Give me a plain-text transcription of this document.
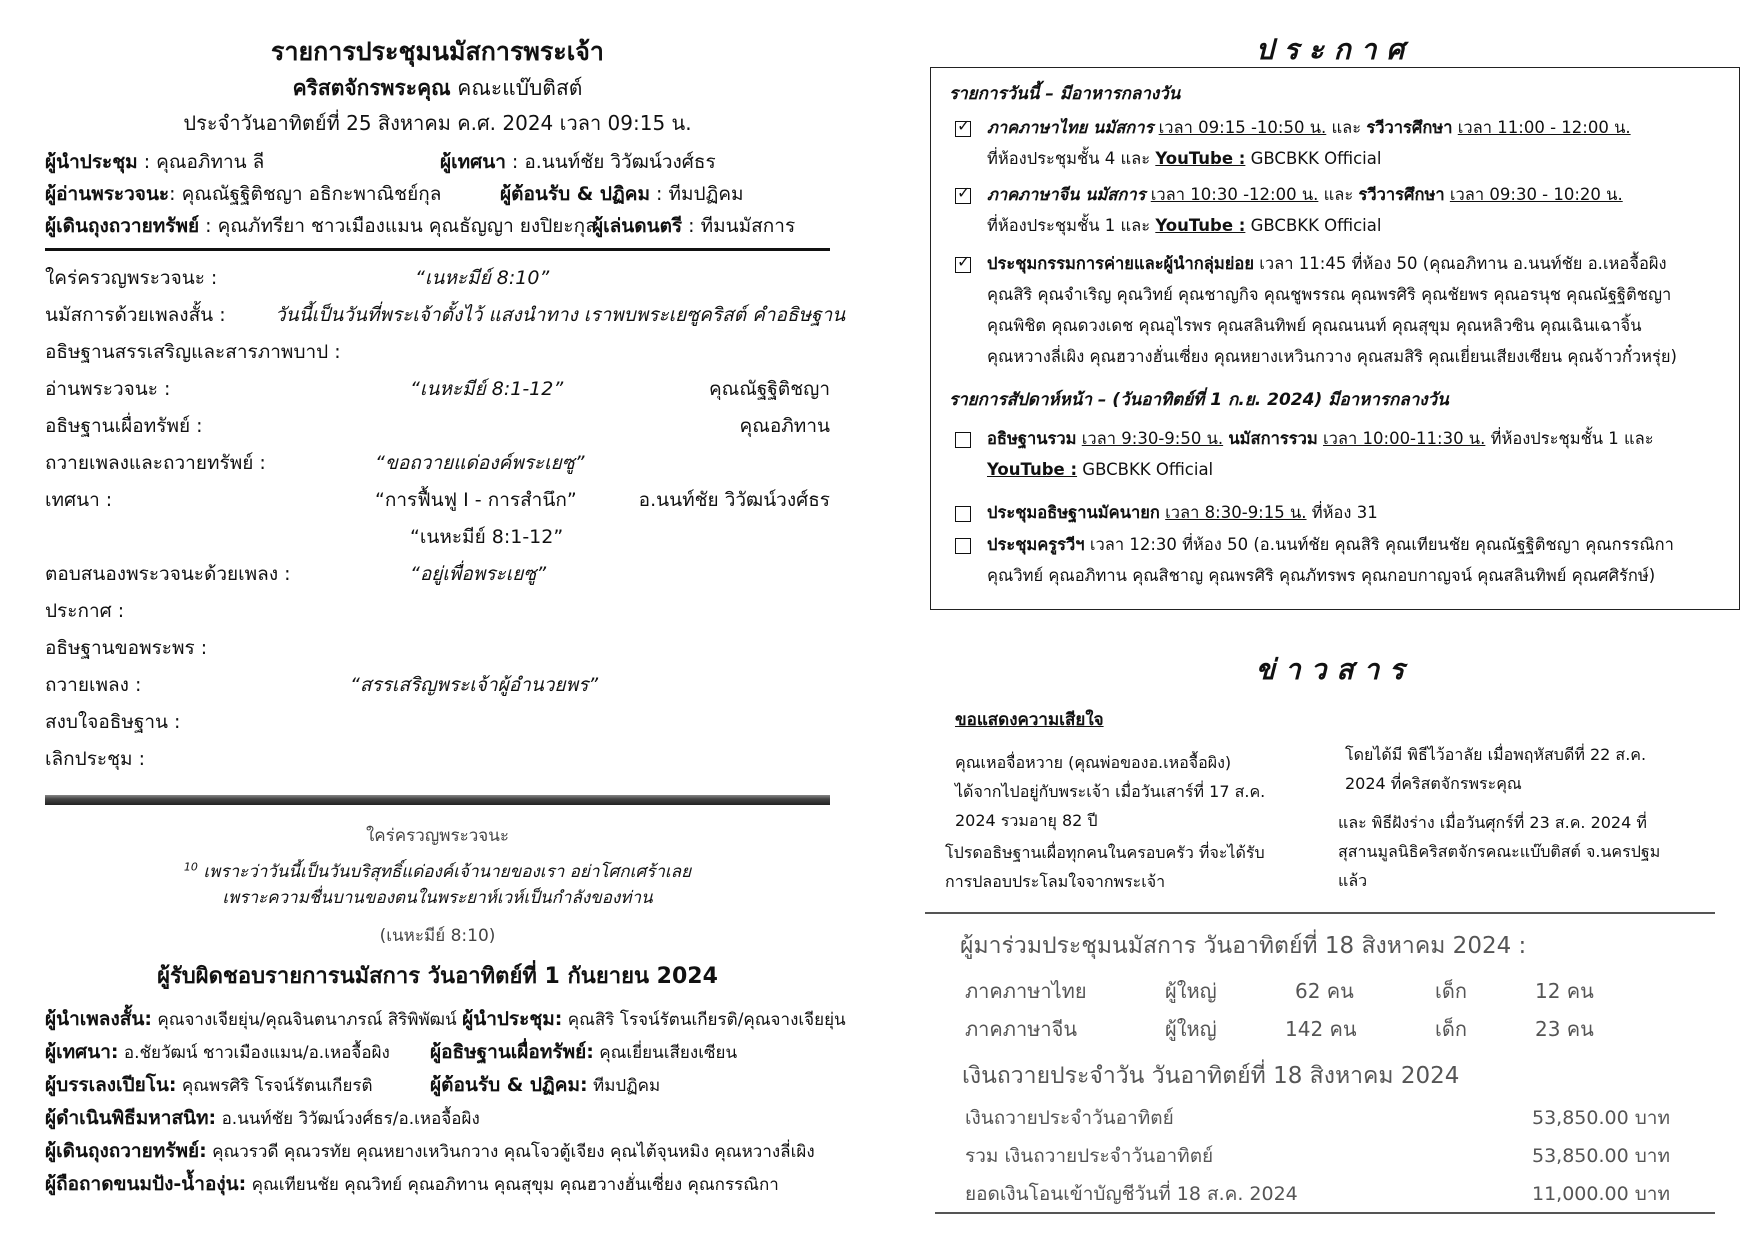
รายการประชุมนมัสการพระเจ้า
คริสตจักรพระคุณ คณะแบ๊บติสต์
ประจำวันอาทิตย์ที่ 25 สิงหาคม ค.ศ. 2024 เวลา 09:15 น.
ผู้นำประชุม : คุณอภิทาน ลี	ผู้เทศนา : อ.นนท์ชัย วิวัฒน์วงศ์ธร
ผู้อ่านพระวจนะ: คุณณัฐฐิติชญา อธิกะพาณิชย์กุล	ผู้ต้อนรับ & ปฏิคม : ทีมปฏิคม
ผู้เดินถุงถวายทรัพย์ : คุณภัทรียา ชาวเมืองแมน คุณธัญญา ยงปิยะกุล
ผู้เล่นดนตรี : ทีมนมัสการ
ใคร่ครวญพระวจนะ :	“เนหะมีย์ 8:10”
นมัสการด้วยเพลงสั้น :	วันนี้เป็นวันที่พระเจ้าตั้งไว้ แสงนำทาง เราพบพระเยซูคริสต์ คำอธิษฐาน
อธิษฐานสรรเสริญและสารภาพบาป :
อ่านพระวจนะ :	“เนหะมีย์ 8:1-12”	คุณณัฐฐิติชญา
อธิษฐานเผื่อทรัพย์ :	คุณอภิทาน
ถวายเพลงและถวายทรัพย์ :	“ขอถวายแด่องค์พระเยซู”
เทศนา :	“การฟื้นฟู I - การสำนึก”	อ.นนท์ชัย วิวัฒน์วงศ์ธร
“เนหะมีย์ 8:1-12”
ตอบสนองพระวจนะด้วยเพลง :	“อยู่เพื่อพระเยซู”
ประกาศ :
อธิษฐานขอพระพร :
ถวายเพลง :	“สรรเสริญพระเจ้าผู้อำนวยพร”
สงบใจอธิษฐาน :
เลิกประชุม :
ใคร่ครวญพระวจนะ
$^{10}$ เพราะว่าวันนี้เป็นวันบริสุทธิ์แด่องค์เจ้านายของเรา อย่าโศกเศร้าเลย
เพราะความชื่นบานของตนในพระยาห์เวห์เป็นกำลังของท่าน
(เนหะมีย์ 8:10)
ผู้รับผิดชอบรายการนมัสการ วันอาทิตย์ที่ 1 กันยายน 2024
ผู้นำเพลงสั้น: คุณจางเจียยุ่น/คุณจินตนาภรณ์ สิริพิพัฒน์ ผู้นำประชุม: คุณสิริ โรจน์รัตนเกียรติ/คุณจางเจียยุ่น
ผู้เทศนา: อ.ชัยวัฒน์ ชาวเมืองแมน/อ.เหอจื้อผิง ผู้อธิษฐานเผื่อทรัพย์: คุณเยี่ยนเสียงเซียน
ผู้บรรเลงเปียโน: คุณพรศิริ โรจน์รัตนเกียรติ	ผู้ต้อนรับ & ปฏิคม: ทีมปฏิคม
ผู้ดำเนินพิธีมหาสนิท: อ.นนท์ชัย วิวัฒน์วงศ์ธร/อ.เหอจื้อผิง
ผู้เดินถุงถวายทรัพย์: คุณวรวดี คุณวรทัย คุณหยางเหวินกวาง คุณโจวตู้เจียง คุณไต้จุนหมิง คุณหวางลี่เผิง
ผู้ถือถาดขนมปัง-น้ำองุ่น: คุณเทียนชัย คุณวิทย์ คุณอภิทาน คุณสุขุม คุณฮวางฮั่นเซี่ยง คุณกรรณิกา
ประกาศ
รายการวันนี้ – มีอาหารกลางวัน
✓
ภาคภาษาไทย นมัสการ เวลา 09:15 -10:50 น. และ รวีวารศึกษา เวลา 11:00 - 12:00 น.
ที่ห้องประชุมชั้น 4 และ YouTube : GBCBKK Official
✓
ภาคภาษาจีน นมัสการ เวลา 10:30 -12:00 น. และ รวีวารศึกษา เวลา 09:30 - 10:20 น.
ที่ห้องประชุมชั้น 1 และ YouTube : GBCBKK Official
✓
ประชุมกรรมการค่ายและผู้นำกลุ่มย่อย เวลา 11:45 ที่ห้อง 50 (คุณอภิทาน อ.นนท์ชัย อ.เหอจื้อผิง
คุณสิริ คุณจำเริญ คุณวิทย์ คุณชาญกิจ คุณชูพรรณ คุณพรศิริ คุณชัยพร คุณอรนุช คุณณัฐฐิติชญา
คุณพิชิต คุณดวงเดช คุณอุไรพร คุณสลินทิพย์ คุณณนนท์ คุณสุขุม คุณหลิวซิน คุณเฉินเฉาจิ้น
คุณหวางลี่เผิง คุณฮวางฮั่นเซี่ยง คุณหยางเหวินกวาง คุณสมสิริ คุณเยี่ยนเสียงเซียน คุณจ้าวกั๋วหรุ่ย)
รายการสัปดาห์หน้า – (วันอาทิตย์ที่ 1 ก.ย. 2024) มีอาหารกลางวัน
อธิษฐานรวม เวลา 9:30-9:50 น. นมัสการรวม เวลา 10:00-11:30 น. ที่ห้องประชุมชั้น 1 และ
YouTube : GBCBKK Official
ประชุมอธิษฐานมัคนายก เวลา 8:30-9:15 น. ที่ห้อง 31
ประชุมครูรวีฯ เวลา 12:30 ที่ห้อง 50 (อ.นนท์ชัย คุณสิริ คุณเทียนชัย คุณณัฐฐิติชญา คุณกรรณิกา
คุณวิทย์ คุณอภิทาน คุณสิชาญ คุณพรศิริ คุณภัทรพร คุณกอบกาญจน์ คุณสลินทิพย์ คุณศศิรักษ์)
ข่าวสาร
ขอแสดงความเสียใจ
คุณเหอจื่อหวาย (คุณพ่อของอ.เหอจื้อผิง)
ได้จากไปอยู่กับพระเจ้า เมื่อวันเสาร์ที่ 17 ส.ค.
2024 รวมอายุ 82 ปี
โปรดอธิษฐานเผื่อทุกคนในครอบครัว ที่จะได้รับ
การปลอบประโลมใจจากพระเจ้า
โดยได้มี พิธีไว้อาลัย เมื่อพฤหัสบดีที่ 22 ส.ค.
2024 ที่คริสตจักรพระคุณ
และ พิธีฝังร่าง เมื่อวันศุกร์ที่ 23 ส.ค. 2024 ที่
สุสานมูลนิธิคริสตจักรคณะแบ๊บติสต์ จ.นครปฐม
แล้ว
ผู้มาร่วมประชุมนมัสการ วันอาทิตย์ที่ 18 สิงหาคม 2024 :
ภาคภาษาไทย	ผู้ใหญ่	62 คน	เด็ก	12 คน
ภาคภาษาจีน	ผู้ใหญ่	142 คน	เด็ก	23 คน
เงินถวายประจำวัน วันอาทิตย์ที่ 18 สิงหาคม 2024
เงินถวายประจำวันอาทิตย์	53,850.00 บาท
รวม เงินถวายประจำวันอาทิตย์	53,850.00 บาท
ยอดเงินโอนเข้าบัญชีวันที่ 18 ส.ค. 2024	11,000.00 บาท
